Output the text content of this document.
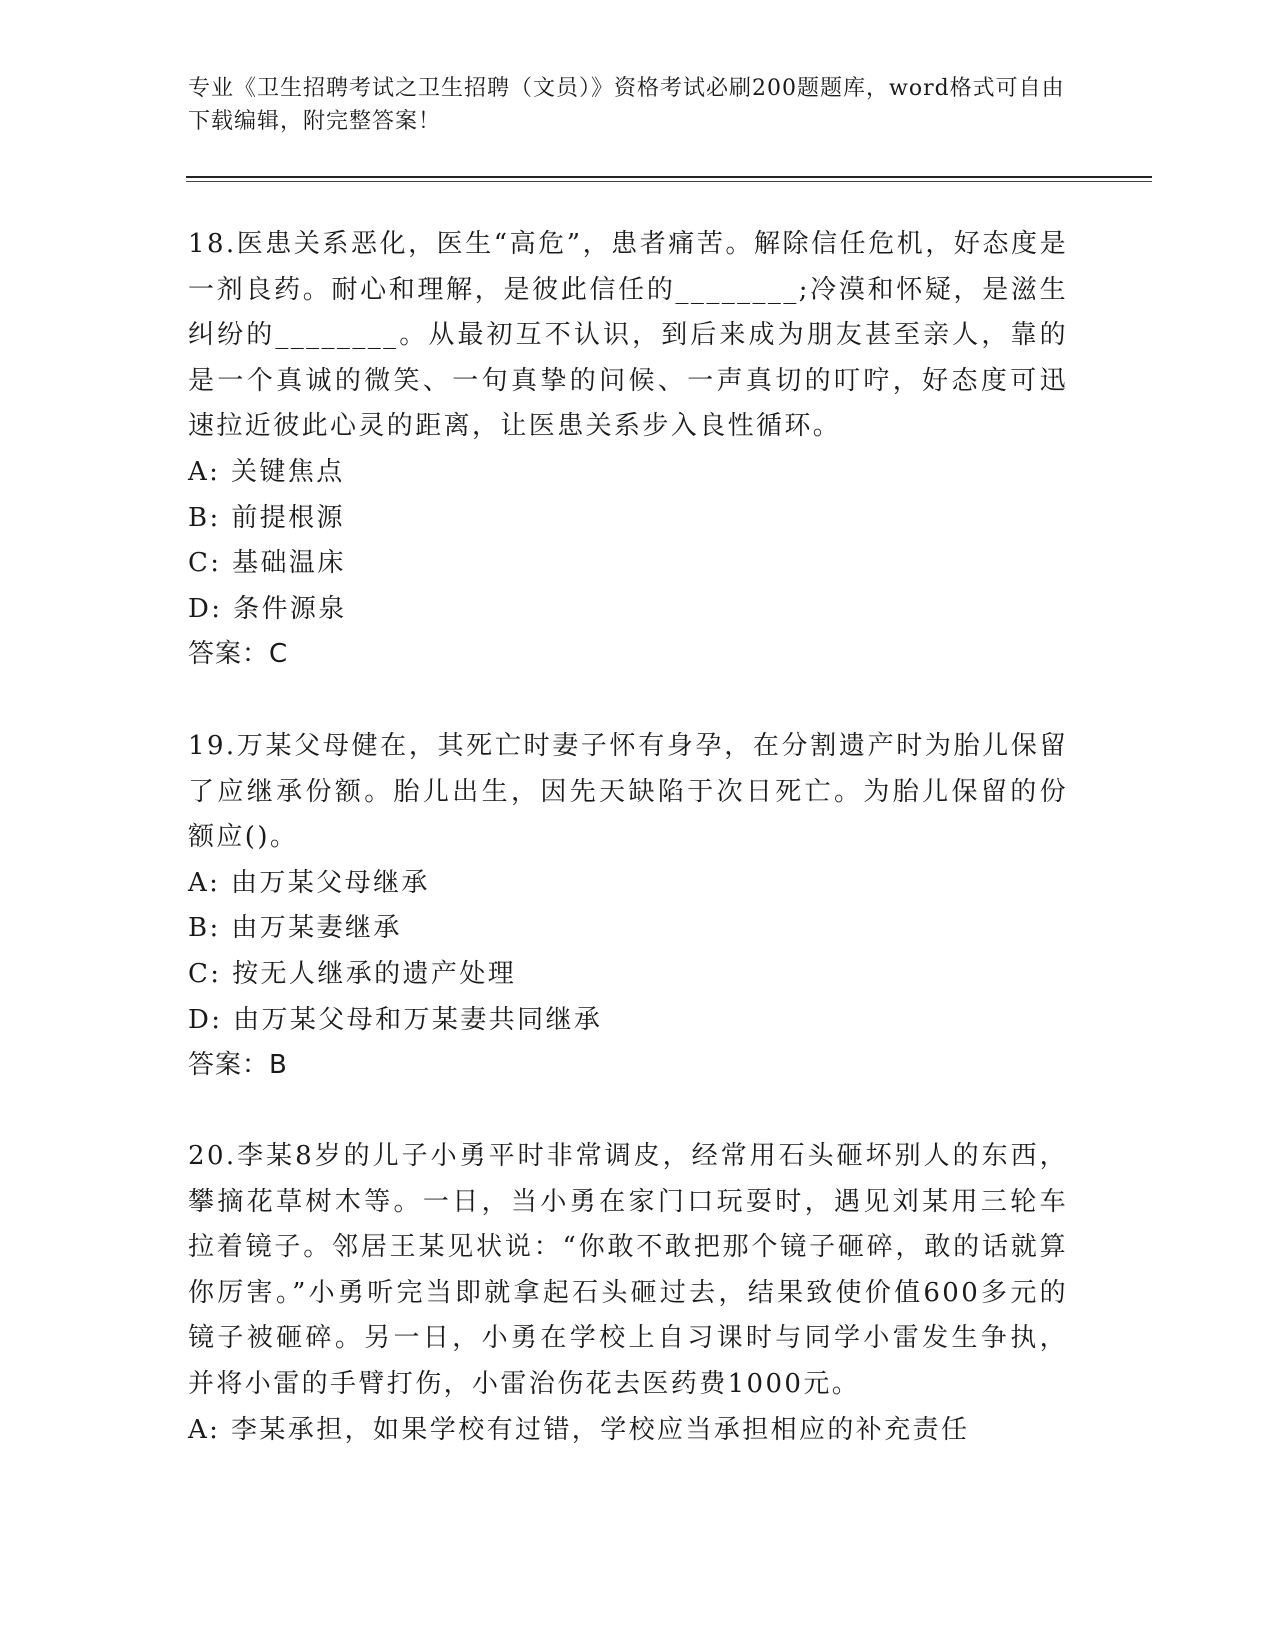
专业《卫生招聘考试之卫生招聘（文员）》资格考试必刷200题题库，word格式可自由下载编辑，附完整答案！
18.医患关系恶化，医生“高危”，患者痛苦。解除信任危机，好态度是一剂良药。耐心和理解，是彼此信任的________;冷漠和怀疑，是滋生纠纷的________。从最初互不认识，到后来成为朋友甚至亲人，靠的是一个真诚的微笑、一句真挚的问候、一声真切的叮咛，好态度可迅速拉近彼此心灵的距离，让医患关系步入良性循环。
A: 关键焦点
B: 前提根源
C: 基础温床
D: 条件源泉
答案：C
19.万某父母健在，其死亡时妻子怀有身孕，在分割遗产时为胎儿保留了应继承份额。胎儿出生，因先天缺陷于次日死亡。为胎儿保留的份额应()。
A: 由万某父母继承
B: 由万某妻继承
C: 按无人继承的遗产处理
D: 由万某父母和万某妻共同继承
答案：B
20.李某8岁的儿子小勇平时非常调皮，经常用石头砸坏别人的东西，攀摘花草树木等。一日，当小勇在家门口玩耍时，遇见刘某用三轮车拉着镜子。邻居王某见状说：“你敢不敢把那个镜子砸碎，敢的话就算你厉害。”小勇听完当即就拿起石头砸过去，结果致使价值600多元的镜子被砸碎。另一日，小勇在学校上自习课时与同学小雷发生争执，并将小雷的手臂打伤，小雷治伤花去医药费1000元。
A: 李某承担，如果学校有过错，学校应当承担相应的补充责任
